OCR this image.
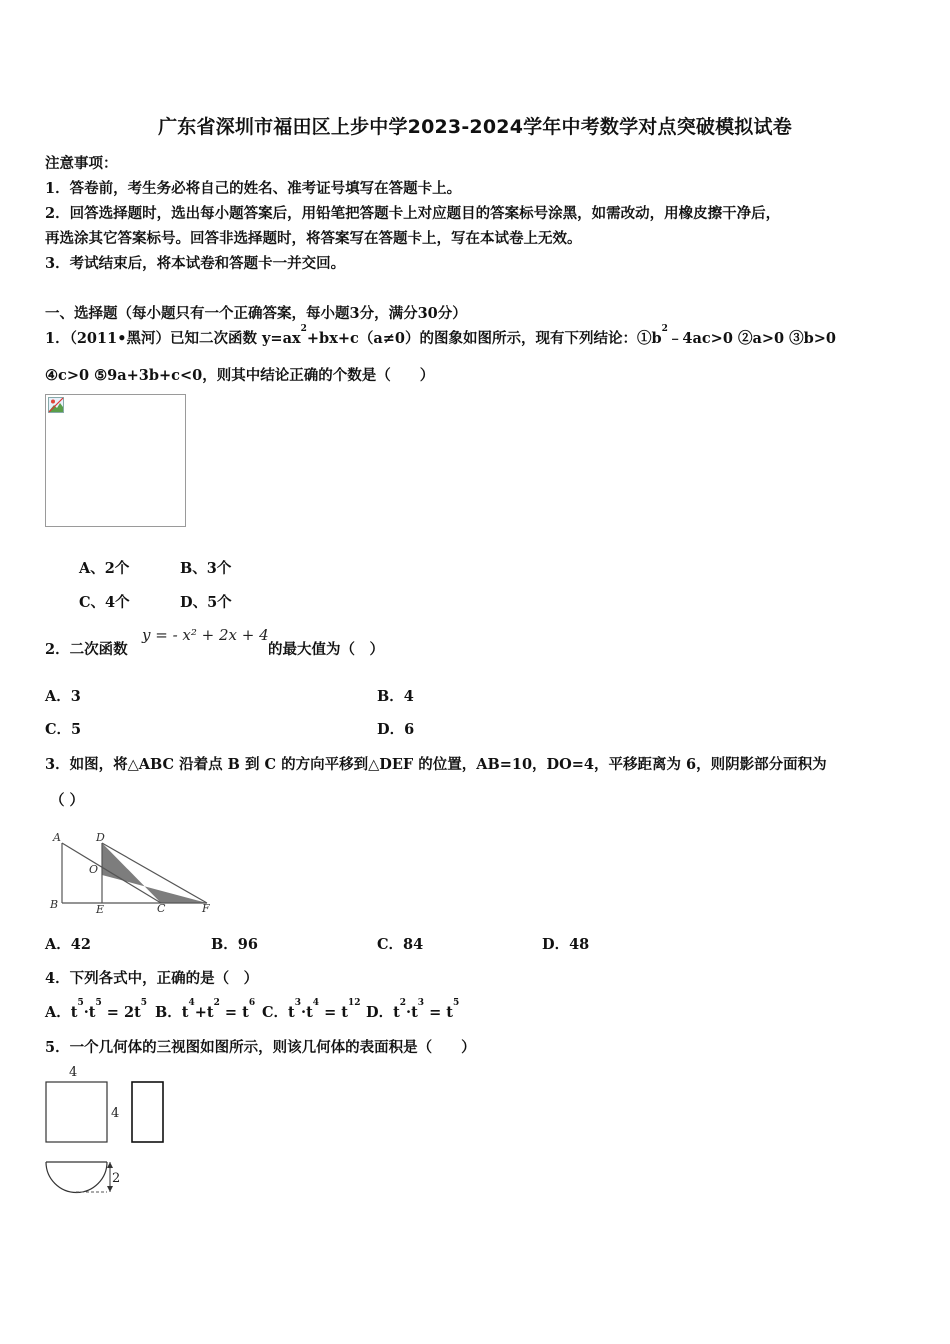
广东省深圳市福田区上步中学2023-2024学年中考数学对点突破模拟试卷
注意事项：
1．答卷前，考生务必将自己的姓名、准考证号填写在答题卡上。
2．回答选择题时，选出每小题答案后，用铅笔把答题卡上对应题目的答案标号涂黑，如需改动，用橡皮擦干净后，
再选涂其它答案标号。回答非选择题时，将答案写在答题卡上，写在本试卷上无效。
3．考试结束后，将本试卷和答题卡一并交回。
一、选择题（每小题只有一个正确答案，每小题3分，满分30分）
1．（2011•黑河）已知二次函数 $y=ax^2+bx+c(a\ne 0)$的图象如图所示，现有下列结论：$①b^2﹣4ac>0$ ②a>0 ③b>0
④c>0 ⑤9a+3b+c<0，则其中结论正确的个数是（　　）
A、2个	B、3个
C、4个	D、5个
2．二次函数
y = - x² + 2x + 4
的最大值为（　）
A．3	B．4
C．5	D．6
3．如图，将△ABC 沿着点 B 到 C 的方向平移到△DEF 的位置，AB=10，DO=4，平移距离为 6，则阴影部分面积为
（ ）
A	D
O
B	E	C	F
A．42	B．96	C．84	D．48
4．下列各式中，正确的是（　）
A．$t^5\cdot t^5 = 2t^5$
B．$t^4+t^2 = t^6$
C．$t^3\cdot t^4 = t^{12}$
D．$t^2\cdot t^3 = t^5$
5．一个几何体的三视图如图所示，则该几何体的表面积是（　　）
4
4
2
